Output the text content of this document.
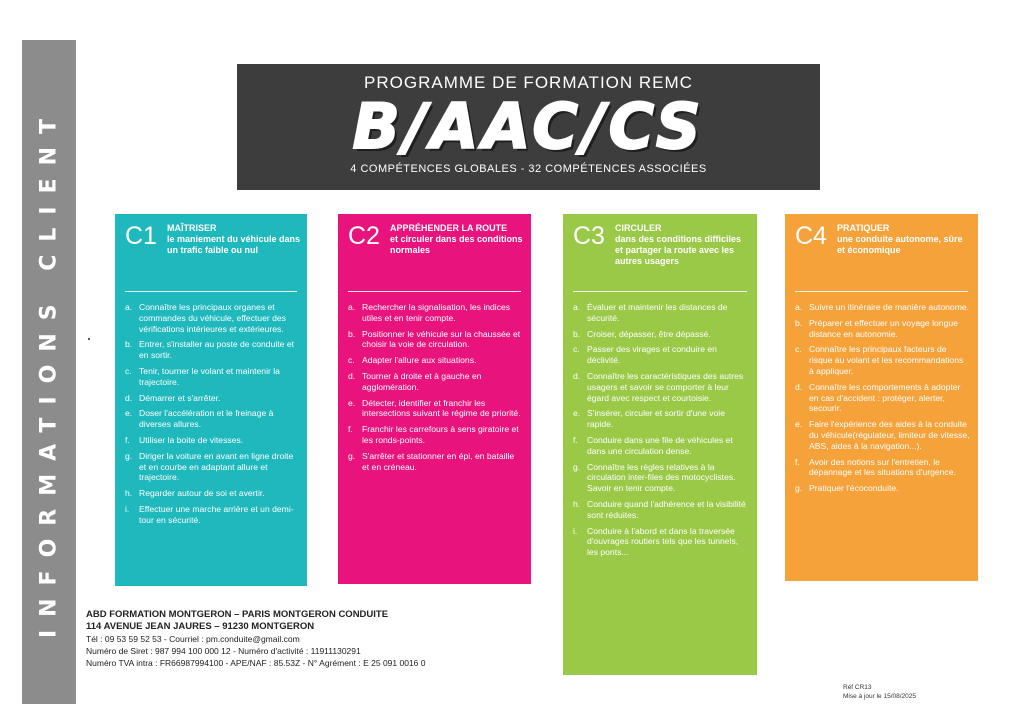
INFORMATIONS CLIENT
PROGRAMME DE FORMATION REMC
B/AAC/CS
4 COMPÉTENCES GLOBALES - 32 COMPÉTENCES ASSOCIÉES
C1 MAÎTRISER
le maniement du véhicule dans un trafic faible ou nul
a. Connaître les principaux organes et commandes du véhicule, effectuer des vérifications intérieures et extérieures.
b. Entrer, s'installer au poste de conduite et en sortir.
c. Tenir, tourner le volant et maintenir la trajectoire.
d. Démarrer et s'arrêter.
e. Doser l'accélération et le freinage à diverses allures.
f.	Utiliser la boite de vitesses.
g. Diriger la voiture en avant en ligne droite et en courbe en adaptant allure et trajectoire.
h. Regarder autour de soi et avertir.
i.	Effectuer une marche arrière et un demi-tour en sécurité.
C2 APPRÉHENDER LA ROUTE
et circuler dans des conditions normales
a. Rechercher la signalisation, les indices utiles et en tenir compte.
b. Positionner le véhicule sur la chaussée et choisir la voie de circulation.
c. Adapter l'allure aux situations.
d. Tourner à droite et à gauche en agglomération.
e. Détecter, identifier et franchir les intersections suivant le régime de priorité.
f.	Franchir les carrefours à sens giratoire et les ronds-points.
g. S'arrêter et stationner en épi, en bataille et en créneau.
C3 CIRCULER
dans des conditions difficiles et partager la route avec les autres usagers
a. Évaluer et maintenir les distances de sécurité.
b. Croiser, dépasser, être dépassé.
c. Passer des virages et conduire en déclivité.
d. Connaître les caractéristiques des autres usagers et savoir se comporter à leur égard avec respect et courtoisie.
e. S'insérer, circuler et sortir d'une voie rapide.
f.	Conduire dans une file de véhicules et dans une circulation dense.
g. Connaître les règles relatives à la circulation inter-files des motocyclistes. Savoir en tenir compte.
h. Conduire quand l'adhérence et la visibilité sont réduites.
i.	Conduire à l'abord et dans la traversée d'ouvrages routiers tels que les tunnels, les ponts...
C4 PRATIQUER
une conduite autonome, sûre et économique
a. Suivre un itinéraire de manière autonome.
b. Préparer et effectuer un voyage longue distance en autonomie.
c. Connaître les principaux facteurs de risque au volant et les recommandations à appliquer.
d. Connaître les comportements à adopter en cas d'accident : protéger, alerter, secourir.
e. Faire l'expérience des aides à la conduite du véhicule(régulateur, limiteur de vitesse, ABS, aides à la navigation...).
f.	Avoir des notions sur l'entretien, le dépannage et les situations d'urgence.
g. Pratiquer l'écoconduite.
ABD FORMATION MONTGERON – PARIS MONTGERON CONDUITE
114 AVENUE JEAN JAURES – 91230 MONTGERON
Tél : 09 53 59 52 53 - Courriel : pm.conduite@gmail.com
Numéro de Siret : 987 994 100 000 12 - Numéro d'activité : 11911130291
Numéro TVA intra : FR66987994100 - APE/NAF : 85.53Z - N° Agrément : E 25 091 0016 0
Réf CR13
Mise à jour le 15/08/2025
